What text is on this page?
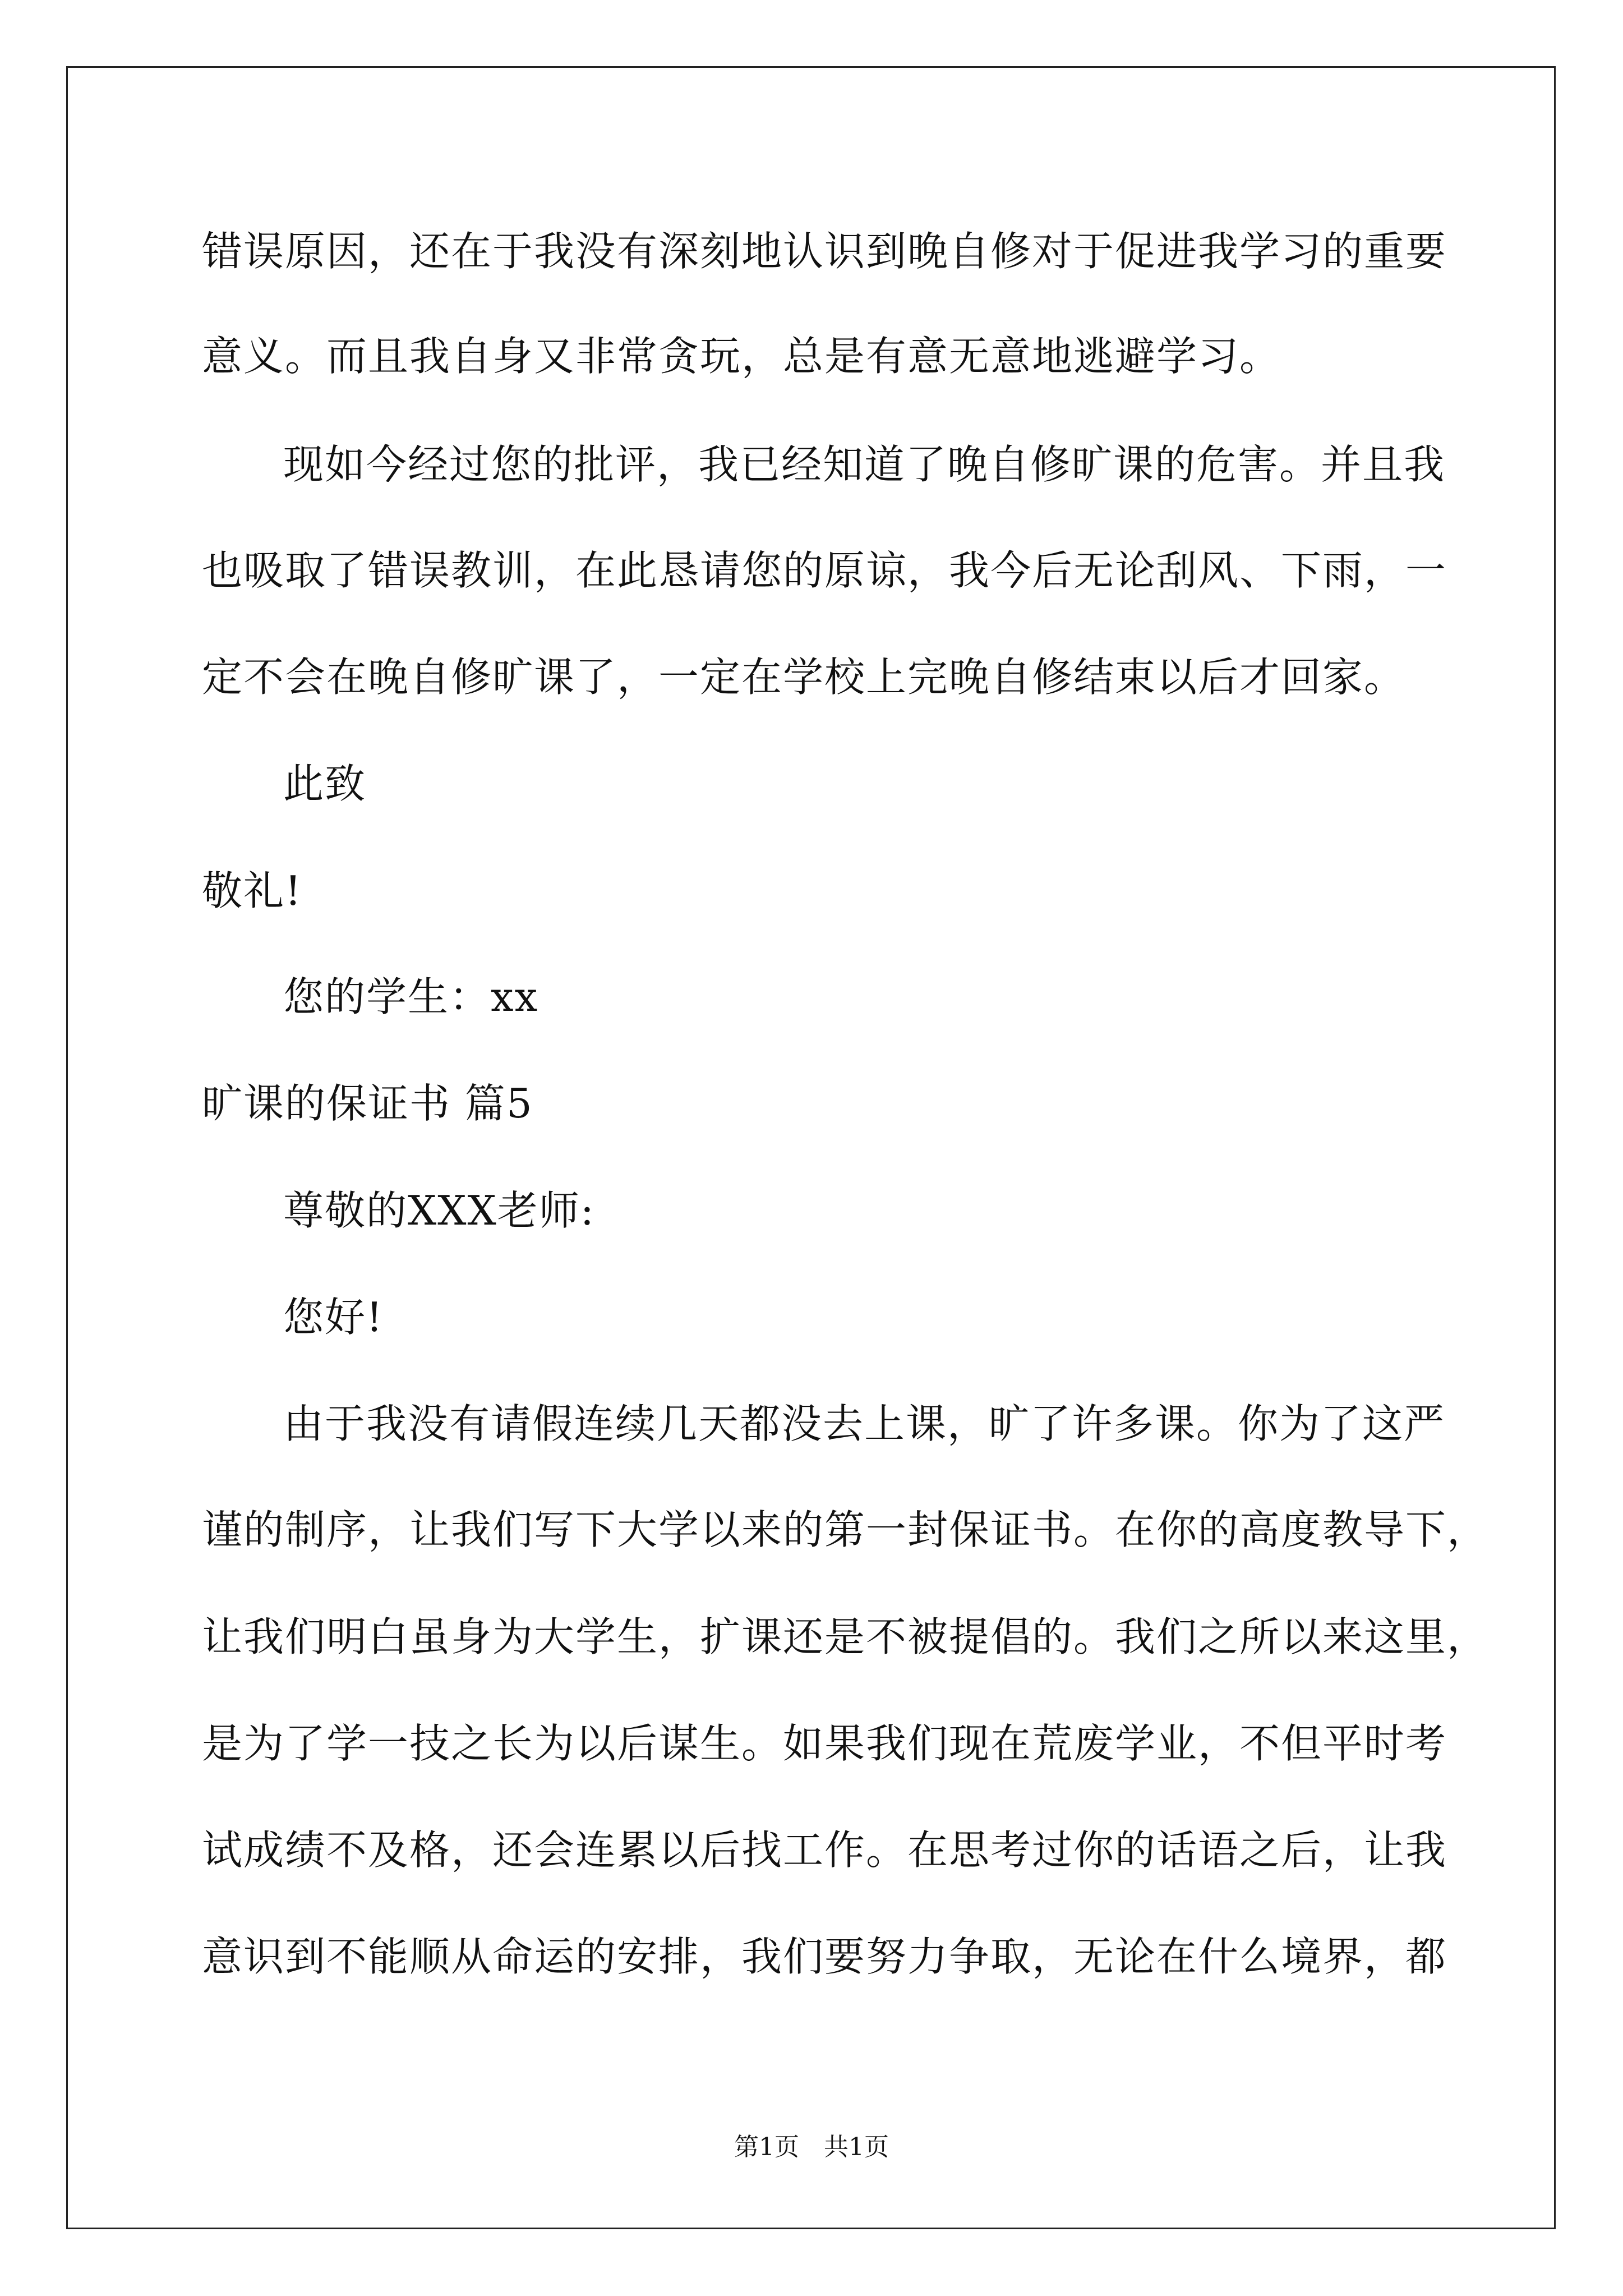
错误原因，还在于我没有深刻地认识到晚自修对于促进我学习的重要
意义。而且我自身又非常贪玩，总是有意无意地逃避学习。
现如今经过您的批评，我已经知道了晚自修旷课的危害。并且我
也吸取了错误教训，在此恳请您的原谅，我今后无论刮风、下雨，一
定不会在晚自修旷课了，一定在学校上完晚自修结束以后才回家。
此致
敬礼!
您的学生：xx
旷课的保证书 篇5
尊敬的XXX老师:
您好!
由于我没有请假连续几天都没去上课，旷了许多课。你为了这严
谨的制序，让我们写下大学以来的第一封保证书。在你的高度教导下，
让我们明白虽身为大学生，扩课还是不被提倡的。我们之所以来这里，
是为了学一技之长为以后谋生。如果我们现在荒废学业，不但平时考
试成绩不及格，还会连累以后找工作。在思考过你的话语之后，让我
意识到不能顺从命运的安排，我们要努力争取，无论在什么境界，都
第1页　共1页
